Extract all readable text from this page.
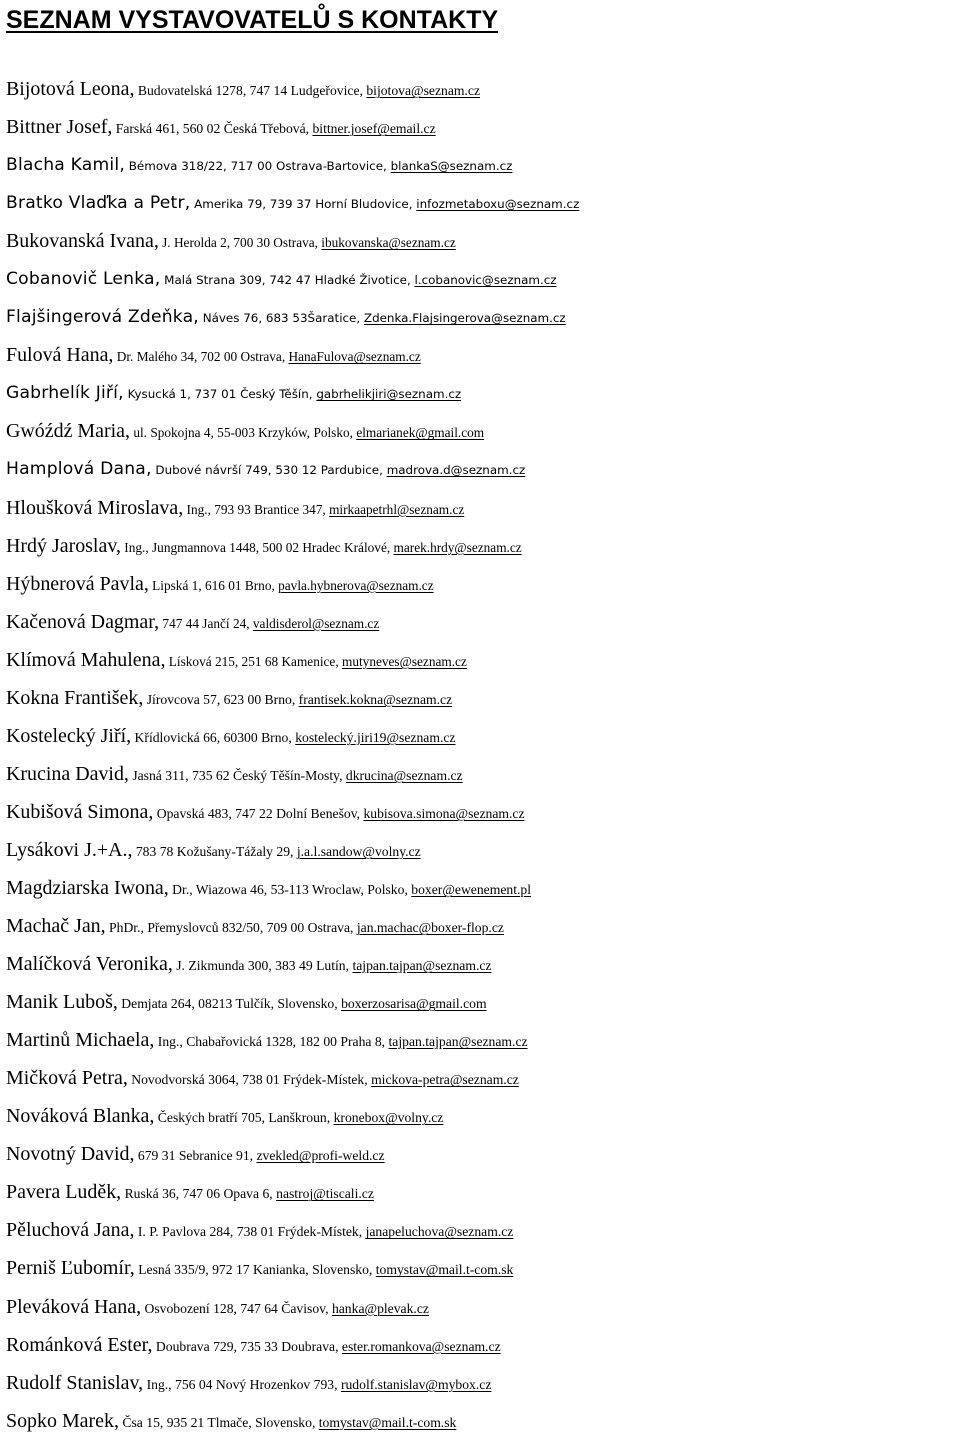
SEZNAM VYSTAVOVATELŮ S KONTAKTY
Bijotová Leona, Budovatelská 1278, 747 14 Ludgeřovice, bijotova@seznam.cz
Bittner Josef, Farská 461, 560 02 Česká Třebová, bittner.josef@email.cz
Blacha Kamil, Bémova 318/22, 717 00 Ostrava-Bartovice, blankaS@seznam.cz
Bratko Vlaďka a Petr, Amerika 79, 739 37 Horní Bludovice, infozmetaboxu@seznam.cz
Bukovanská Ivana, J. Herolda 2, 700 30 Ostrava, ibukovanska@seznam.cz
Cobanovič Lenka, Malá Strana 309, 742 47 Hladké Životice, l.cobanovic@seznam.cz
Flajšingerová Zdeňka, Náves 76, 683 53Šaratice, Zdenka.Flajsingerova@seznam.cz
Fulová Hana, Dr. Malého 34, 702 00 Ostrava, HanaFulova@seznam.cz
Gabrhelík Jiří, Kysucká 1, 737 01 Český Těšín, gabrhelikjiri@seznam.cz
Gwóźdź Maria, ul. Spokojna 4, 55-003 Krzyków, Polsko, elmarianek@gmail.com
Hamplová Dana, Dubové návrší 749, 530 12 Pardubice, madrova.d@seznam.cz
Hloušková Miroslava, Ing., 793 93 Brantice 347, mirkaapetrhl@seznam.cz
Hrdý Jaroslav, Ing., Jungmannova 1448, 500 02 Hradec Králové, marek.hrdy@seznam.cz
Hýbnerová Pavla, Lipská 1, 616 01 Brno, pavla.hybnerova@seznam.cz
Kačenová Dagmar, 747 44 Jančí 24, valdisderol@seznam.cz
Klímová Mahulena, Lísková 215, 251 68 Kamenice, mutyneves@seznam.cz
Kokna František, Jírovcova 57, 623 00 Brno, frantisek.kokna@seznam.cz
Kostelecký Jiří, Křídlovická 66, 60300 Brno, kostelecký.jiri19@seznam.cz
Krucina David, Jasná 311, 735 62 Český Těšín-Mosty, dkrucina@seznam.cz
Kubišová Simona, Opavská 483, 747 22 Dolní Benešov, kubisova.simona@seznam.cz
Lysákovi J.+A., 783 78 Kožušany-Tážaly 29, j.a.l.sandow@volny.cz
Magdziarska Iwona, Dr., Wiazowa 46, 53-113 Wroclaw, Polsko, boxer@ewenement.pl
Machač Jan, PhDr., Přemyslovců 832/50, 709 00 Ostrava, jan.machac@boxer-flop.cz
Malíčková Veronika, J. Zikmunda 300, 383 49 Lutín, tajpan.tajpan@seznam.cz
Manik Luboš, Demjata 264, 08213 Tulčík, Slovensko, boxerzosarisa@gmail.com
Martinů Michaela, Ing., Chabařovická 1328, 182 00 Praha 8, tajpan.tajpan@seznam.cz
Mičková Petra, Novodvorská 3064, 738 01 Frýdek-Místek, mickova-petra@seznam.cz
Nováková Blanka, Českých bratří 705, Lanškroun, kronebox@volny.cz
Novotný David, 679 31 Sebranice 91, zvekled@profi-weld.cz
Pavera Luděk, Ruská 36, 747 06 Opava 6, nastroj@tiscali.cz
Pěluchová Jana, I. P. Pavlova 284, 738 01 Frýdek-Místek, janapeluchova@seznam.cz
Perniš Ľubomír, Lesná 335/9, 972 17 Kanianka, Slovensko, tomystav@mail.t-com.sk
Pleváková Hana, Osvobození 128, 747 64 Čavisov, hanka@plevak.cz
Románková Ester, Doubrava 729, 735 33 Doubrava, ester.romankova@seznam.cz
Rudolf Stanislav, Ing., 756 04 Nový Hrozenkov 793, rudolf.stanislav@mybox.cz
Sopko Marek, Čsa 15, 935 21 Tlmače, Slovensko, tomystav@mail.t-com.sk
